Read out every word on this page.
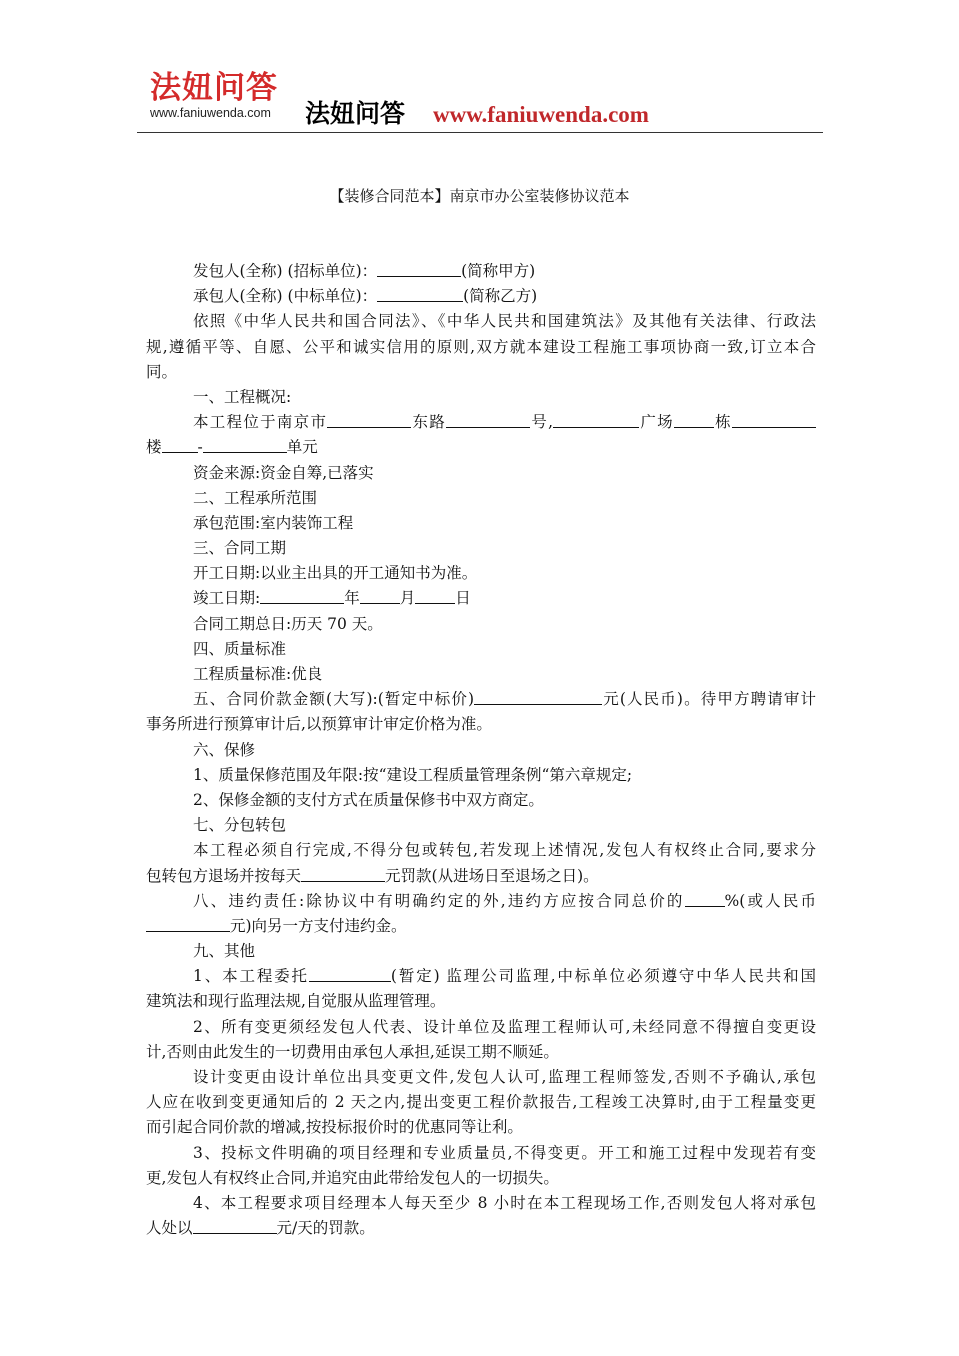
法妞问答
www.faniuwenda.com	法妞问答 www.faniuwenda.com
【装修合同范本】南京市办公室装修协议范本
发包人(全称) (招标单位)：	(简称甲方)
承包人(全称) (中标单位)：	(简称乙方)
依照《中华人民共和国合同法》、《中华人民共和国建筑法》及其他有关法律、行政法
规,遵循平等、自愿、公平和诚实信用的原则,双方就本建设工程施工事项协商一致,订立本合
同。
一、工程概况:
本工程位于南京市	东路	号,	广场	栋
楼 -	单元
资金来源:资金自筹,已落实
二、工程承所范围
承包范围:室内装饰工程
三、合同工期
开工日期:以业主出具的开工通知书为准。
竣工日期:	年	月	日
合同工期总日:历天 70 天。
四、质量标准
工程质量标准:优良
五、合同价款金额(大写):(暂定中标价)	元(人民币)。待甲方聘请审计
事务所进行预算审计后,以预算审计审定价格为准。
六、保修
1、质量保修范围及年限:按“建设工程质量管理条例“第六章规定;
2、保修金额的支付方式在质量保修书中双方商定。
七、分包转包
本工程必须自行完成,不得分包或转包,若发现上述情况,发包人有权终止合同,要求分
包转包方退场并按每天	元罚款(从进场日至退场之日)。
八、违约责任:除协议中有明确约定的外,违约方应按合同总价的	%(或人民币
元)向另一方支付违约金。
九、其他
1、本工程委托	(暂定) 监理公司监理,中标单位必须遵守中华人民共和国
建筑法和现行监理法规,自觉服从监理管理。
2、所有变更须经发包人代表、设计单位及监理工程师认可,未经同意不得擅自变更设
计,否则由此发生的一切费用由承包人承担,延误工期不顺延。
设计变更由设计单位出具变更文件,发包人认可,监理工程师签发,否则不予确认,承包
人应在收到变更通知后的 2 天之内,提出变更工程价款报告,工程竣工决算时,由于工程量变更
而引起合同价款的增减,按投标报价时的优惠同等让利。
3、投标文件明确的项目经理和专业质量员,不得变更。开工和施工过程中发现若有变
更,发包人有权终止合同,并追究由此带给发包人的一切损失。
4、本工程要求项目经理本人每天至少 8 小时在本工程现场工作,否则发包人将对承包
人处以	元/天的罚款。
